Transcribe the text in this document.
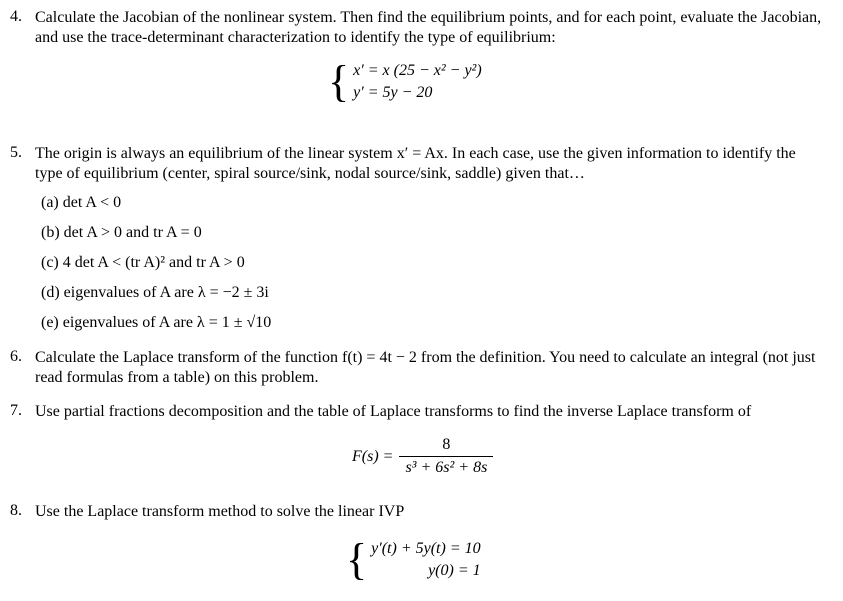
4. Calculate the Jacobian of the nonlinear system. Then find the equilibrium points, and for each point, evaluate the Jacobian, and use the trace-determinant characterization to identify the type of equilibrium:
{ x′ = x (25 − x² − y²)
y′ = 5y − 20
5. The origin is always an equilibrium of the linear system x′ = Ax. In each case, use the given information to identify the type of equilibrium (center, spiral source/sink, nodal source/sink, saddle) given that…
(a) det A < 0
(b) det A > 0 and tr A = 0
(c) 4 det A < (tr A)² and tr A > 0
(d) eigenvalues of A are λ = −2 ± 3i
(e) eigenvalues of A are λ = 1 ± √10
6. Calculate the Laplace transform of the function f(t) = 4t − 2 from the definition. You need to calculate an integral (not just read formulas from a table) on this problem.
7. Use partial fractions decomposition and the table of Laplace transforms to find the inverse Laplace transform of
$F(s) = \frac{8}{\text{s³ + 6s² + 8s}}$
8. Use the Laplace transform method to solve the linear IVP
{ y′(t) + 5y(t) = 10
y(0) = 1
